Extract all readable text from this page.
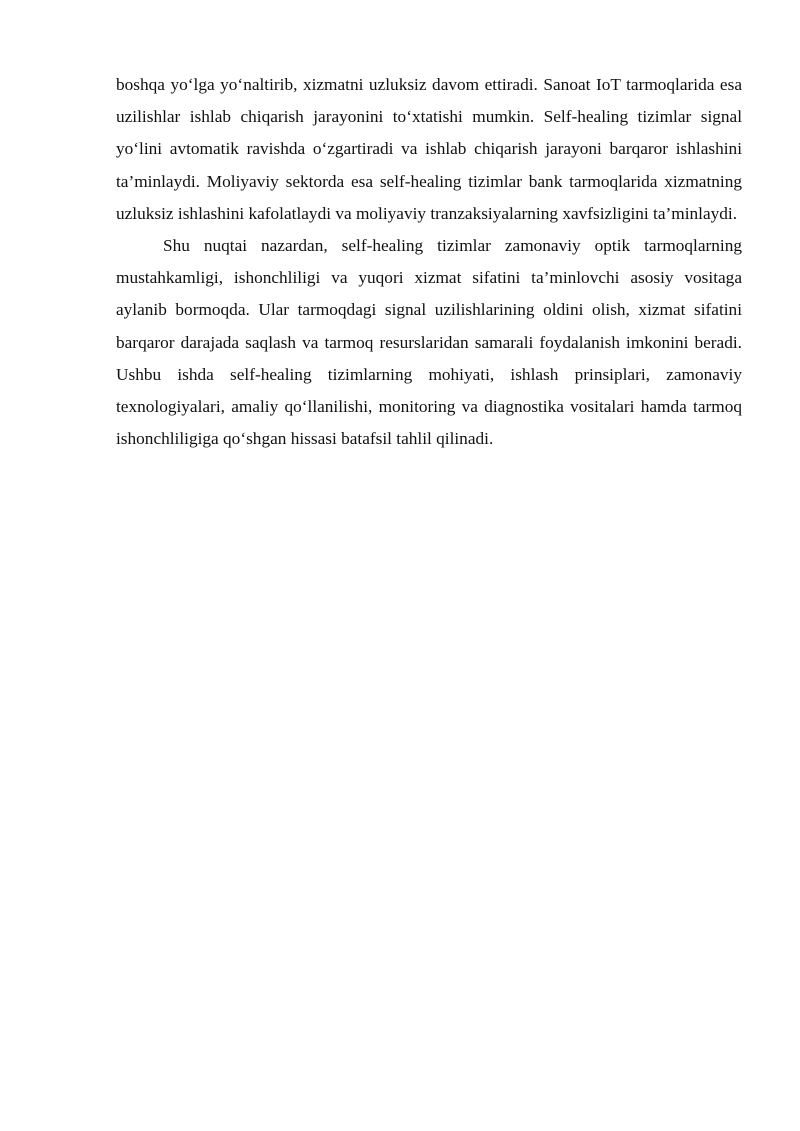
boshqa yo‘lga yo‘naltirib, xizmatni uzluksiz davom ettiradi. Sanoat IoT tarmoqlarida esa uzilishlar ishlab chiqarish jarayonini to‘xtatishi mumkin. Self-healing tizimlar signal yo‘lini avtomatik ravishda o‘zgartiradi va ishlab chiqarish jarayoni barqaror ishlashini ta’minlaydi. Moliyaviy sektorda esa self-healing tizimlar bank tarmoqlarida xizmatning uzluksiz ishlashini kafolatlaydi va moliyaviy tranzaksiyalarning xavfsizligini ta’minlaydi.

Shu nuqtai nazardan, self-healing tizimlar zamonaviy optik tarmoqlarning mustahkamligi, ishonchliligi va yuqori xizmat sifatini ta’minlovchi asosiy vositaga aylanib bormoqda. Ular tarmoqdagi signal uzilishlarining oldini olish, xizmat sifatini barqaror darajada saqlash va tarmoq resurslaridan samarali foydalanish imkonini beradi. Ushbu ishda self-healing tizimlarning mohiyati, ishlash prinsiplari, zamonaviy texnologiyalari, amaliy qo‘llanilishi, monitoring va diagnostika vositalari hamda tarmoq ishonchliligiga qo‘shgan hissasi batafsil tahlil qilinadi.
